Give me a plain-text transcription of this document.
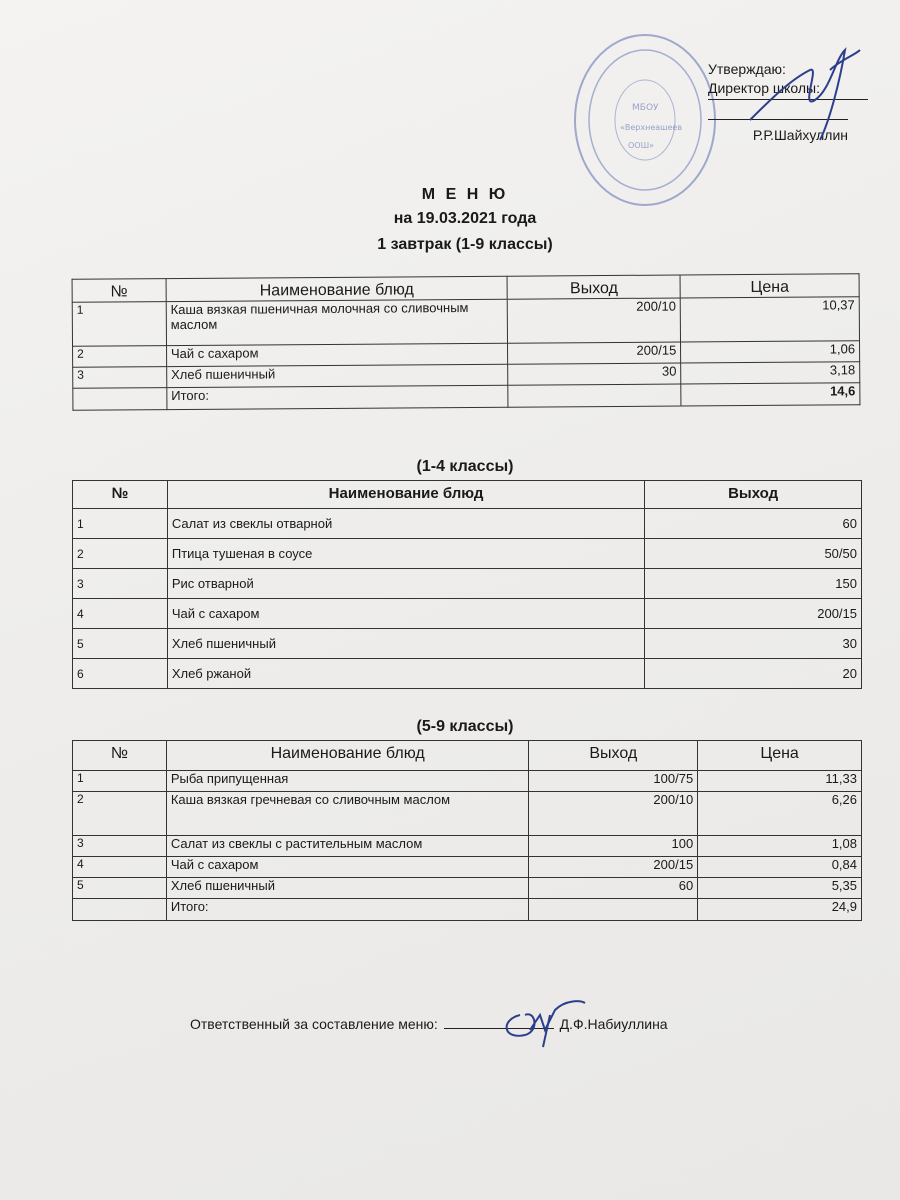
МБОУ
«Верхнеашеев
ООШ»
Утверждаю:
Директор школы:
Р.Р.Шайхуллин
М Е Н Ю
на 19.03.2021 года
1 завтрак (1-9 классы)
№	Наименование блюд	Выход	Цена
1	Каша вязкая пшеничная молочная со сливочным маслом	200/10	10,37
2	Чай с сахаром	200/15	1,06
3	Хлеб пшеничный	30	3,18
	Итого:		14,6
(1-4 классы)
№	Наименование блюд	Выход
1	Салат из свеклы отварной	60
2	Птица тушеная в соусе	50/50
3	Рис отварной	150
4	Чай с сахаром	200/15
5	Хлеб пшеничный	30
6	Хлеб ржаной	20
(5-9 классы)
№	Наименование блюд	Выход	Цена
1	Рыба припущенная	100/75	11,33
2	Каша вязкая гречневая со сливочным маслом	200/10	6,26
3	Салат из свеклы с растительным маслом	100	1,08
4	Чай с сахаром	200/15	0,84
5	Хлеб пшеничный	60	5,35
	Итого:		24,9
Ответственный за составление меню:	Д.Ф.Набиуллина
